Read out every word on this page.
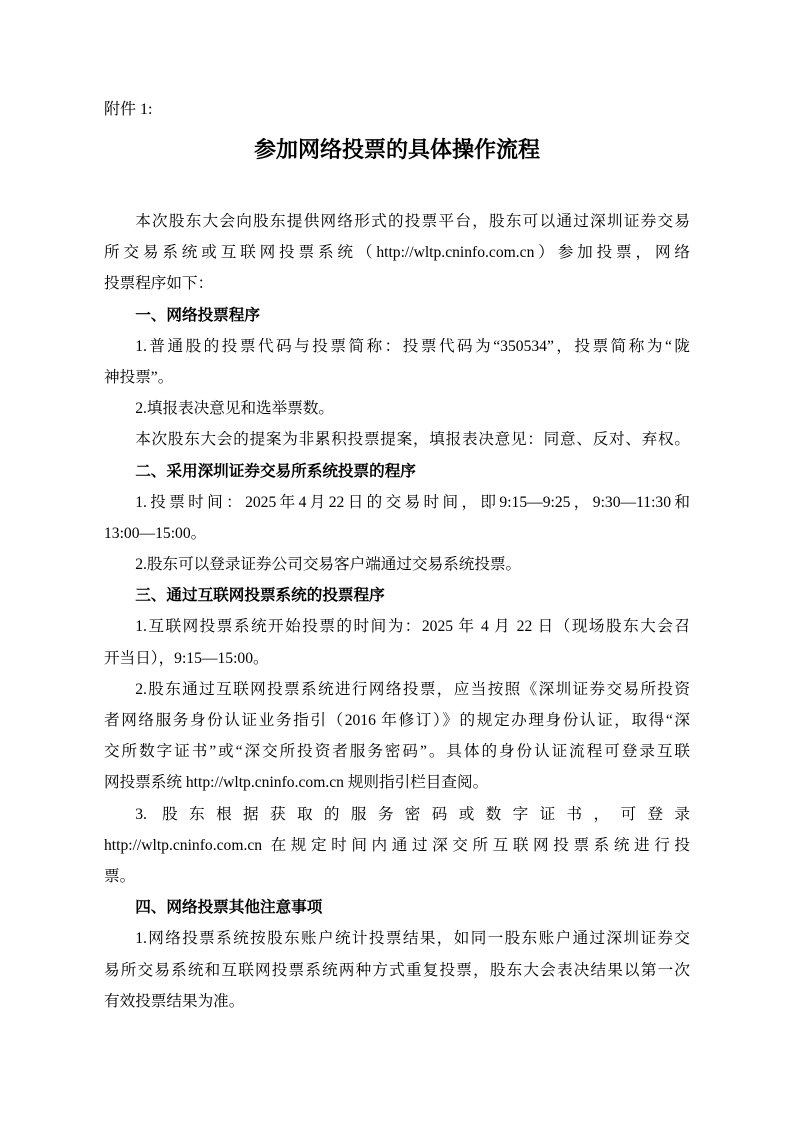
附件 1:
参加网络投票的具体操作流程
本次股东大会向股东提供网络形式的投票平台，股东可以通过深圳证券交易
所交易系统或互联网投票系统（http://wltp.cninfo.com.cn）参加投票，网络
投票程序如下：
一、网络投票程序
1.普通股的投票代码与投票简称：投票代码为“350534”，投票简称为“陇
神投票”。
2.填报表决意见和选举票数。
本次股东大会的提案为非累积投票提案，填报表决意见：同意、反对、弃权。
二、采用深圳证券交易所系统投票的程序
1.投票时间：2025年4月22日的交易时间，即9:15—9:25，9:30—11:30和
13:00—15:00。
2.股东可以登录证券公司交易客户端通过交易系统投票。
三、通过互联网投票系统的投票程序
1.互联网投票系统开始投票的时间为：2025 年 4 月 22 日（现场股东大会召
开当日），9:15—15:00。
2.股东通过互联网投票系统进行网络投票，应当按照《深圳证券交易所投资
者网络服务身份认证业务指引（2016 年修订）》的规定办理身份认证，取得“深
交所数字证书”或“深交所投资者服务密码”。具体的身份认证流程可登录互联
网投票系统 http://wltp.cninfo.com.cn 规则指引栏目查阅。
3. 股东根据获取的服务密码或数字证书，可登录
http://wltp.cninfo.com.cn 在规定时间内通过深交所互联网投票系统进行投
票。
四、网络投票其他注意事项
1.网络投票系统按股东账户统计投票结果，如同一股东账户通过深圳证券交
易所交易系统和互联网投票系统两种方式重复投票，股东大会表决结果以第一次
有效投票结果为准。
